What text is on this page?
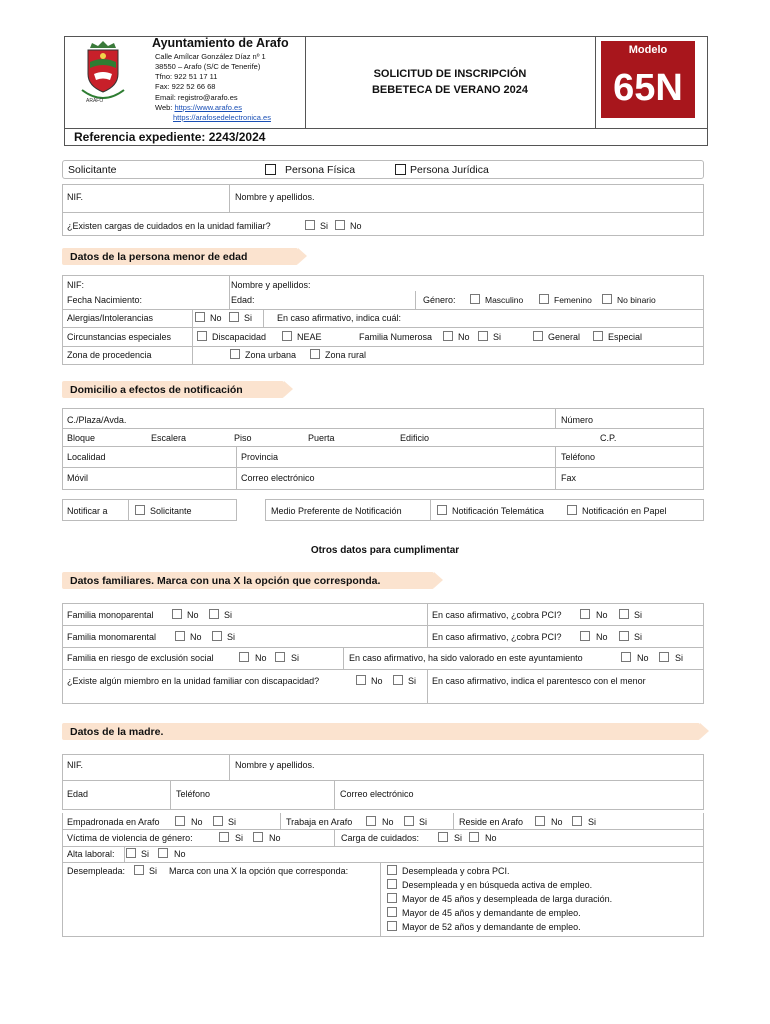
ARAFO
Ayuntamiento de Arafo
Calle Amílcar González Díaz nº 1
38550 – Arafo (S/C de Tenerife)
Tfno: 922 51 17 11
Fax: 922 52 66 68
Email: registro@arafo.es
Web: https://www.arafo.es
https://arafosedelectronica.es
SOLICITUD DE INSCRIPCIÓN
BEBETECA DE VERANO 2024
Modelo
65N
Referencia expediente: 2243/2024
Solicitante	Persona Física	Persona Jurídica
NIF.	Nombre y apellidos.
¿Existen cargas de cuidados en la unidad familiar?	Si No
Datos de la persona menor de edad
NIF:	Nombre y apellidos:
Fecha Nacimiento:	Edad:	Género:	Masculino	Femenino	No binario
Alergias/Intolerancias	No Si	En caso afirmativo, indica cuál:
Circunstancias especiales	Discapacidad	NEAE	Familia Numerosa	No	Si	General	Especial
Zona de procedencia	Zona urbana	Zona rural
Domicilio a efectos de notificación
C./Plaza/Avda.	Número
Bloque	Escalera	Piso	Puerta	Edificio	C.P.
Localidad	Provincia	Teléfono
Móvil	Correo electrónico	Fax
Notificar a	Solicitante	Medio Preferente de Notificación	Notificación Telemática	Notificación en Papel
Otros datos para cumplimentar
Datos familiares. Marca con una X la opción que corresponda.
Familia monoparental	No	Si	En caso afirmativo, ¿cobra PCI?	No	Si
Familia monomarental	No	Si	En caso afirmativo, ¿cobra PCI?	No	Si
Familia en riesgo de exclusión social	No	Si	En caso afirmativo, ha sido valorado en este ayuntamiento	No	Si
¿Existe algún miembro en la unidad familiar con discapacidad?	No	Si En caso afirmativo, indica el parentesco con el menor
Datos de la madre.
NIF.	Nombre y apellidos.
Edad	Teléfono	Correo electrónico
Empadronada en Arafo	No	Si	Trabaja en Arafo	No	Si	Reside en Arafo	No	Si
Víctima de violencia de género:	Si	No	Carga de cuidados:	Si	No
Alta laboral:	Si	No
Desempleada:	Si Marca con una X la opción que corresponda:	Desempleada y cobra PCI.
Desempleada y en búsqueda activa de empleo.
Mayor de 45 años y desempleada de larga duración.
Mayor de 45 años y demandante de empleo.
Mayor de 52 años y demandante de empleo.
